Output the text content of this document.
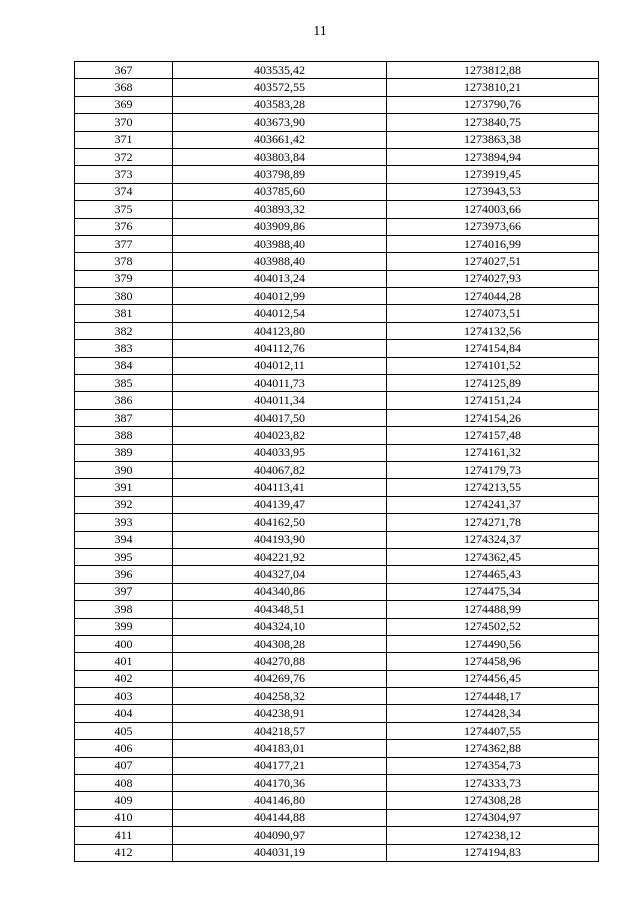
11
367	403535,42	1273812,88
368	403572,55	1273810,21
369	403583,28	1273790,76
370	403673,90	1273840,75
371	403661,42	1273863,38
372	403803,84	1273894,94
373	403798,89	1273919,45
374	403785,60	1273943,53
375	403893,32	1274003,66
376	403909,86	1273973,66
377	403988,40	1274016,99
378	403988,40	1274027,51
379	404013,24	1274027,93
380	404012,99	1274044,28
381	404012,54	1274073,51
382	404123,80	1274132,56
383	404112,76	1274154,84
384	404012,11	1274101,52
385	404011,73	1274125,89
386	404011,34	1274151,24
387	404017,50	1274154,26
388	404023,82	1274157,48
389	404033,95	1274161,32
390	404067,82	1274179,73
391	404113,41	1274213,55
392	404139,47	1274241,37
393	404162,50	1274271,78
394	404193,90	1274324,37
395	404221,92	1274362,45
396	404327,04	1274465,43
397	404340,86	1274475,34
398	404348,51	1274488,99
399	404324,10	1274502,52
400	404308,28	1274490,56
401	404270,88	1274458,96
402	404269,76	1274456,45
403	404258,32	1274448,17
404	404238,91	1274428,34
405	404218,57	1274407,55
406	404183,01	1274362,88
407	404177,21	1274354,73
408	404170,36	1274333,73
409	404146,80	1274308,28
410	404144,88	1274304,97
411	404090,97	1274238,12
412	404031,19	1274194,83
